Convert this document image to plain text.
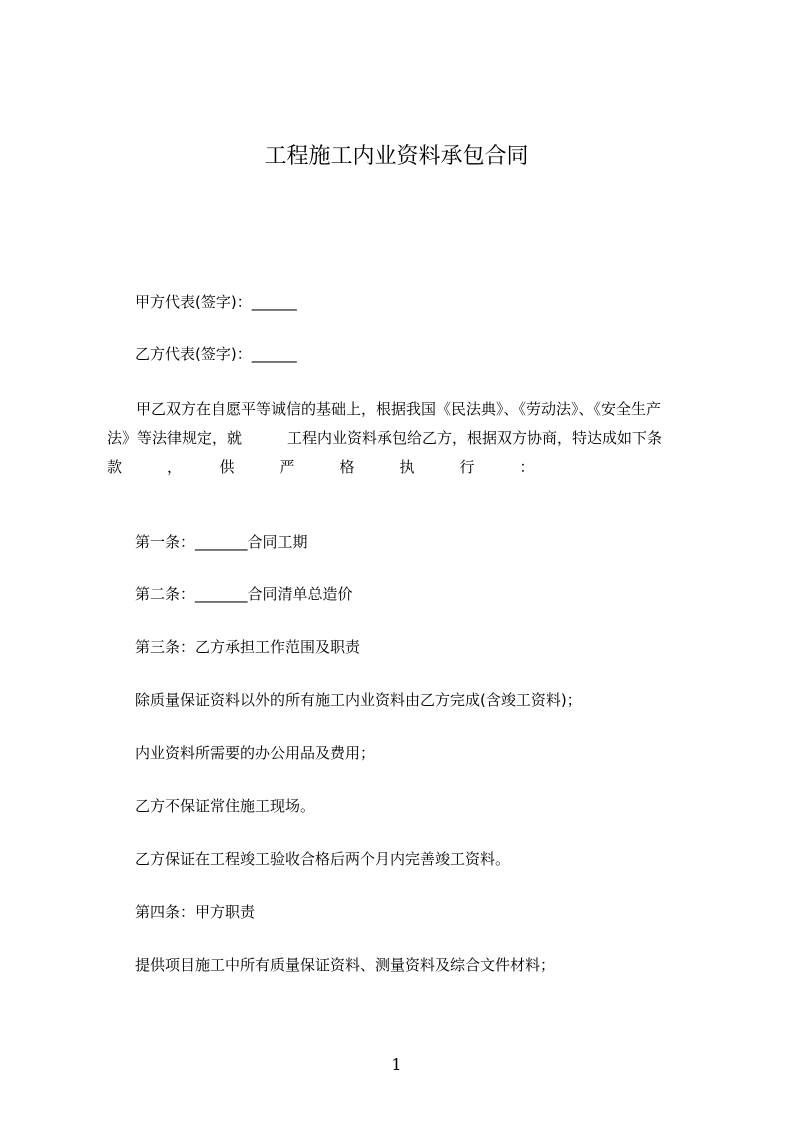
工程施工内业资料承包合同
甲方代表(签字)：______
乙方代表(签字)：______
甲乙双方在自愿平等诚信的基础上，根据我国《民法典》、《劳动法》、《安全生产
法》等法律规定，就　　　工程内业资料承包给乙方，根据双方协商，特达成如下条
款　　　，　　　供　　　严　　　格　　　执　　　行　　　：
第一条：_______合同工期
第二条：_______合同清单总造价
第三条：乙方承担工作范围及职责
除质量保证资料以外的所有施工内业资料由乙方完成(含竣工资料)；
内业资料所需要的办公用品及费用；
乙方不保证常住施工现场。
乙方保证在工程竣工验收合格后两个月内完善竣工资料。
第四条：甲方职责
提供项目施工中所有质量保证资料、测量资料及综合文件材料；
1
